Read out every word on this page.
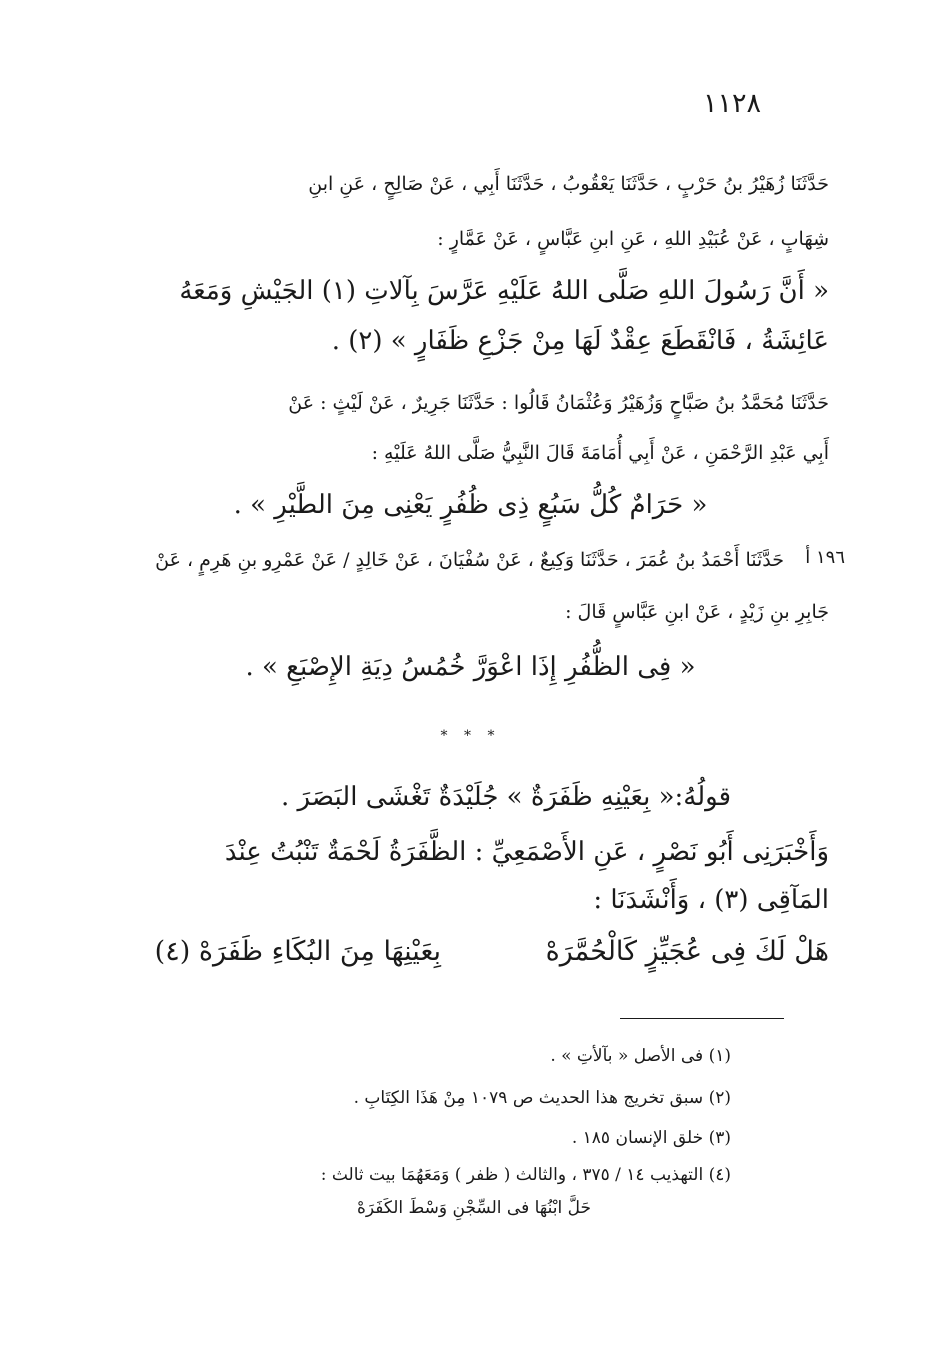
١١٢٨
حَدَّثَنَا زُهَيْرُ بنُ حَرْبٍ ، حَدَّثَنَا يَعْقُوبُ ، حَدَّثَنَا أَبِي ، عَنْ صَالِحٍ ، عَنِ ابنِ
شِهَابٍ ، عَنْ عُبَيْدِ اللهِ ، عَنِ ابنِ عَبَّاسٍ ، عَنْ عَمَّارٍ :
« أَنَّ رَسُولَ اللهِ صَلَّى اللهُ عَلَيْهِ عَرَّسَ بِآلاتِ (١) الجَيْشِ وَمَعَهُ
عَائِشَةُ ، فَانْقَطَعَ عِقْدٌ لَهَا مِنْ جَزْعِ ظَفَارٍ » (٢) .
حَدَّثَنَا مُحَمَّدُ بنُ صَبَّاحٍ وَزُهَيْرُ وَعُثْمَانُ قَالُوا : حَدَّثَنَا جَرِيرٌ ، عَنْ لَيْثٍ : عَنْ
أَبِي عَبْدِ الرَّحْمَنِ ، عَنْ أَبِي أُمَامَةَ قَالَ النَّبِيُّ صَلَّى اللهُ عَلَيْهِ :
« حَرَامٌ كُلُّ سَبُعٍ ذِى ظُفُرٍ يَعْنِى مِنَ الطَّيْرِ » .
١٩٦ أ
حَدَّثَنَا أَحْمَدُ بنُ عُمَرَ ، حَدَّثَنَا وَكِيعٌ ، عَنْ سُفْيَانَ ، عَنْ خَالِدٍ / عَنْ عَمْرِو بنِ هَرِمٍ ، عَنْ
جَابِرِ بنِ زَيْدٍ ، عَنْ ابنِ عَبَّاسٍ قَالَ :
« فِى الظُّفُرِ إِذَا اعْوَرَّ خُمُسُ دِيَةِ الإِصْبَعِ » .
* * *
قولُهُ:« بِعَيْنِهِ ظَفَرَةٌ » جُلَيْدَةٌ تَغْشَى البَصَرَ .
وَأَخْبَرَنِى أَبُو نَصْرٍ ، عَنِ الأَصْمَعِيِّ : الظَّفَرَةُ لَحْمَةٌ تَنْبُتُ عِنْدَ
المَآقِى (٣) ، وَأَنْشَدَنَا :
هَلْ لَكَ فِى عُجَيِّزٍ كَالْحُمَّرَهْ
بِعَيْنِهَا مِنَ البُكَاءِ ظَفَرَهْ (٤)
(١) فى الأصل « بآلأتِ » .
(٢) سبق تخريج هذا الحديث ص ١٠٧٩ مِنْ هَذَا الكِتَابِ .
(٣) خلق الإنسان ١٨٥ .
(٤) التهذيب ١٤ / ٣٧٥ ، والثالث ( ظفر ) وَمَعَهُمَا بيت ثالث :
حَلَّ ابْنُهَا فى السِّجْنِ وَسْطَ الكَفَرَهْ
